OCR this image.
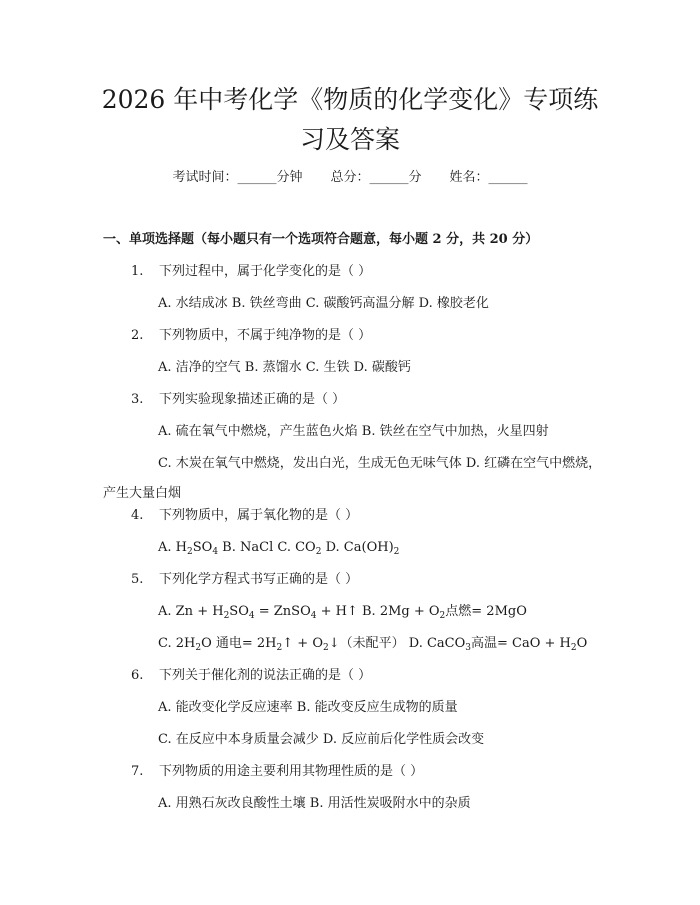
2026 年中考化学《物质的化学变化》专项练
习及答案
考试时间：______分钟 总分：______分 姓名：______
一、单项选择题（每小题只有一个选项符合题意，每小题 2 分，共 20 分）
1. 下列过程中，属于化学变化的是（ ）
A. 水结成冰 B. 铁丝弯曲 C. 碳酸钙高温分解 D. 橡胶老化
2. 下列物质中，不属于纯净物的是（ ）
A. 洁净的空气 B. 蒸馏水 C. 生铁 D. 碳酸钙
3. 下列实验现象描述正确的是（ ）
A. 硫在氧气中燃烧，产生蓝色火焰 B. 铁丝在空气中加热，火星四射
C. 木炭在氧气中燃烧，发出白光，生成无色无味气体 D. 红磷在空气中燃烧，产生大量白烟
4. 下列物质中，属于氧化物的是（ ）
A. $H_2SO_4$ B. NaCl C. $CO_2$ D. $Ca(OH)_2$
5. 下列化学方程式书写正确的是（ ）
A. $Zn + H_2SO_4$ = ZnSO$_4$ + H↑ B. $2Mg + O_2$点燃= 2MgO
C. $2H_2O$ 通电= $2H_2↑$ + $O_2↓$（未配平） D. CaCO$_3$高温= CaO + $H_2O$
6. 下列关于催化剂的说法正确的是（ ）
A. 能改变化学反应速率 B. 能改变反应生成物的质量
C. 在反应中本身质量会减少 D. 反应前后化学性质会改变
7. 下列物质的用途主要利用其物理性质的是（ ）
A. 用熟石灰改良酸性土壤 B. 用活性炭吸附水中的杂质
